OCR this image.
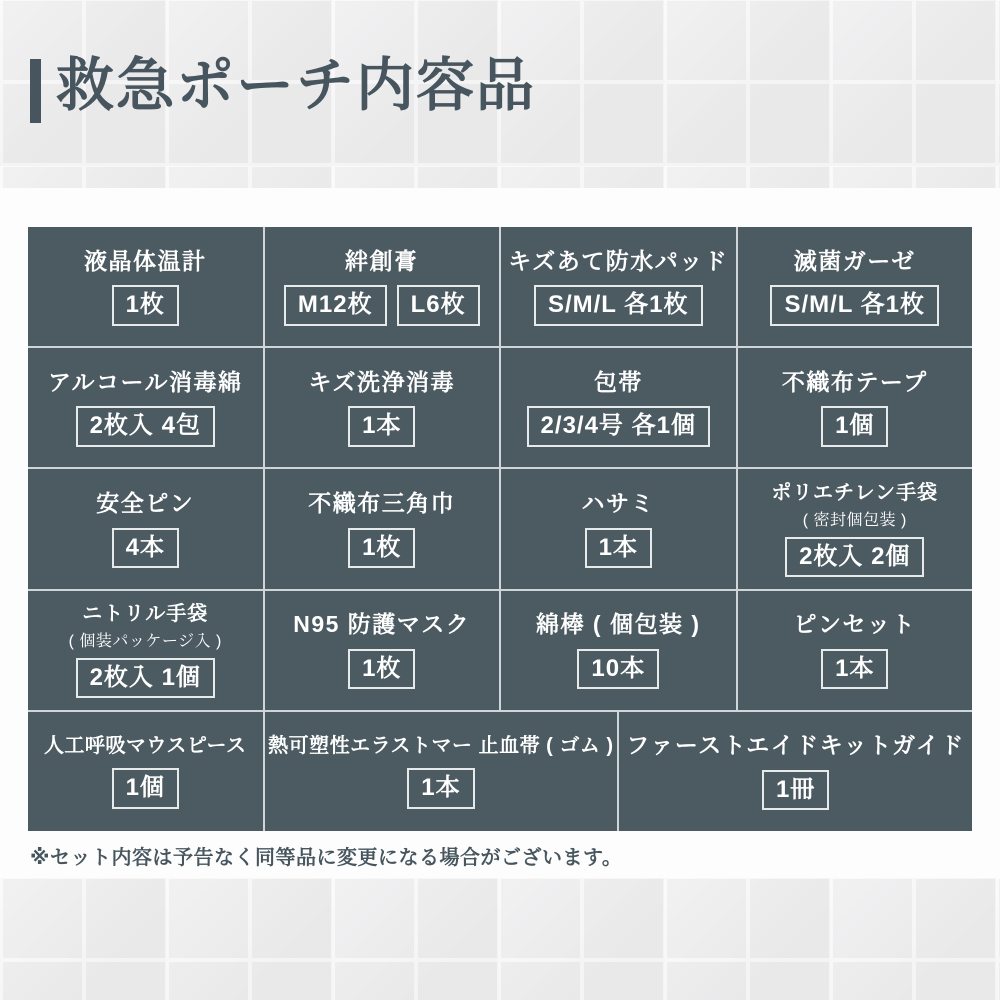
救急ポーチ内容品
液晶体温計
1枚
絆創膏
M12枚	L6枚
キズあて防水パッド
S/M/L 各1枚
滅菌ガーゼ
S/M/L 各1枚
アルコール消毒綿
2枚入 4包
キズ洗浄消毒
1本
包帯
2/3/4号 各1個
不織布テープ
1個
安全ピン
4本
不織布三角巾
1枚
ハサミ
1本
ポリエチレン手袋
( 密封個包装 )
2枚入 2個
ニトリル手袋
( 個装パッケージ入 )
2枚入 1個
N95 防護マスク
1枚
綿棒 ( 個包装 )
10本
ピンセット
1本
人工呼吸マウスピース
1個
熱可塑性エラストマー 止血帯 ( ゴム )
1本
ファーストエイドキットガイド
1冊

※セット内容は予告なく同等品に変更になる場合がございます。
